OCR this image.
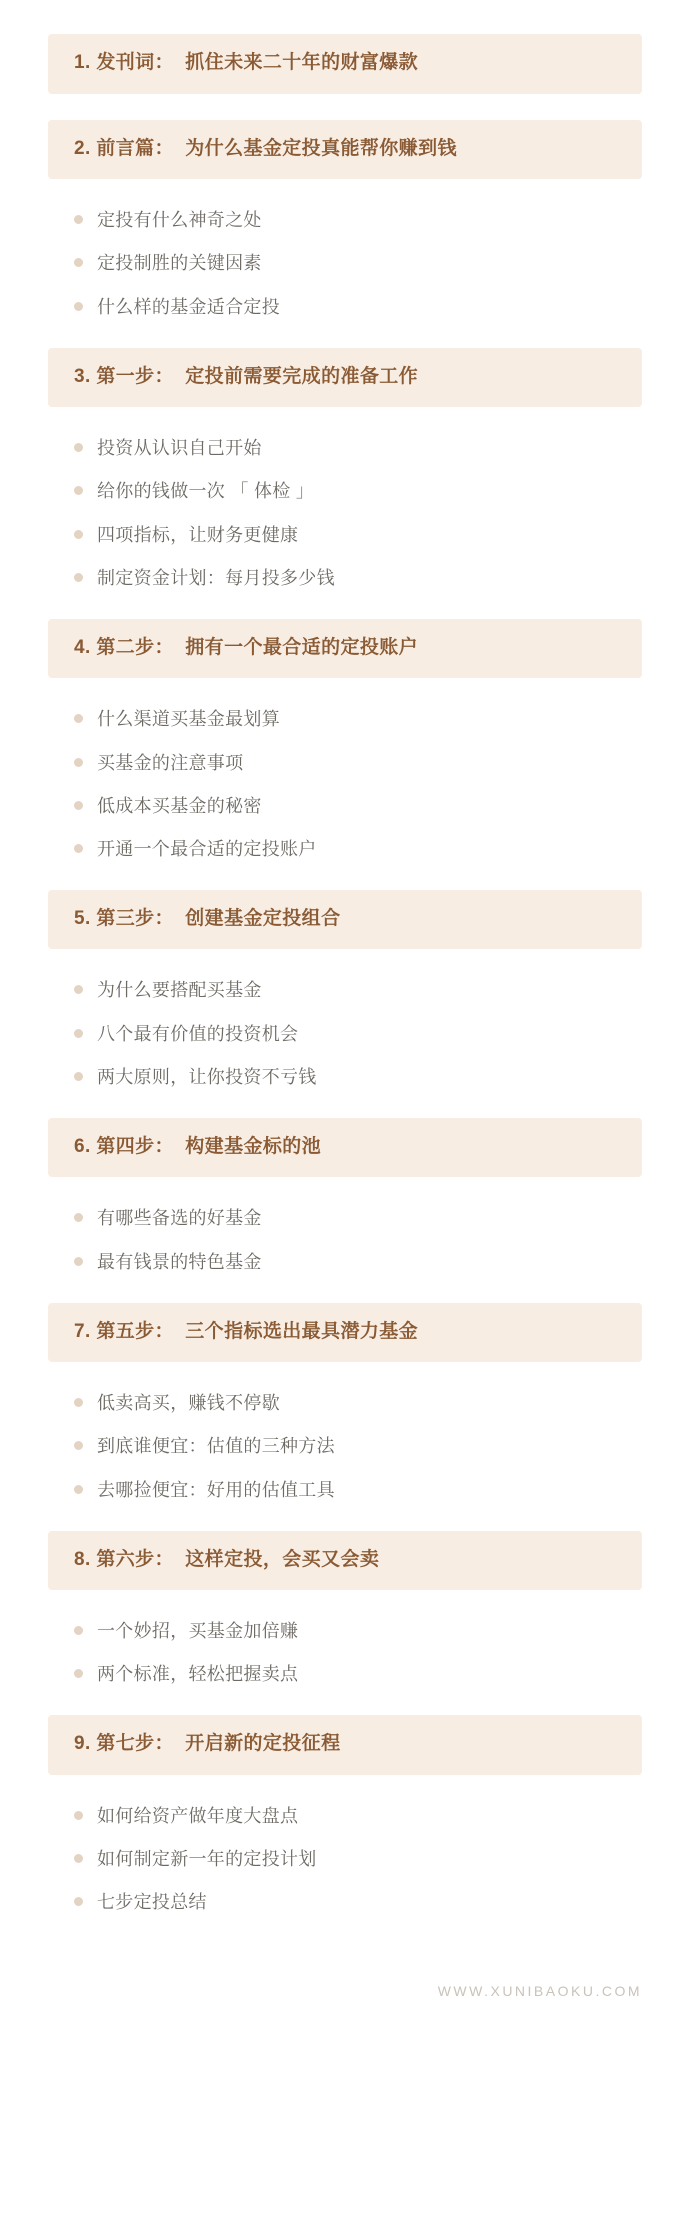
1. 发刊词：  抓住未来二十年的财富爆款
2. 前言篇：  为什么基金定投真能帮你赚到钱
定投有什么神奇之处
定投制胜的关键因素
什么样的基金适合定投
3. 第一步：  定投前需要完成的准备工作
投资从认识自己开始
给你的钱做一次 「 体检 」
四项指标，让财务更健康
制定资金计划：每月投多少钱
4. 第二步：  拥有一个最合适的定投账户
什么渠道买基金最划算
买基金的注意事项
低成本买基金的秘密
开通一个最合适的定投账户
5. 第三步：  创建基金定投组合
为什么要搭配买基金
八个最有价值的投资机会
两大原则，让你投资不亏钱
6. 第四步：  构建基金标的池
有哪些备选的好基金
最有钱景的特色基金
7. 第五步：  三个指标选出最具潜力基金
低卖高买，赚钱不停歇
到底谁便宜：估值的三种方法
去哪捡便宜：好用的估值工具
8. 第六步：  这样定投，会买又会卖
一个妙招，买基金加倍赚
两个标准，轻松把握卖点
9. 第七步：  开启新的定投征程
如何给资产做年度大盘点
如何制定新一年的定投计划
七步定投总结
WWW.XUNIBAOKU.COM
